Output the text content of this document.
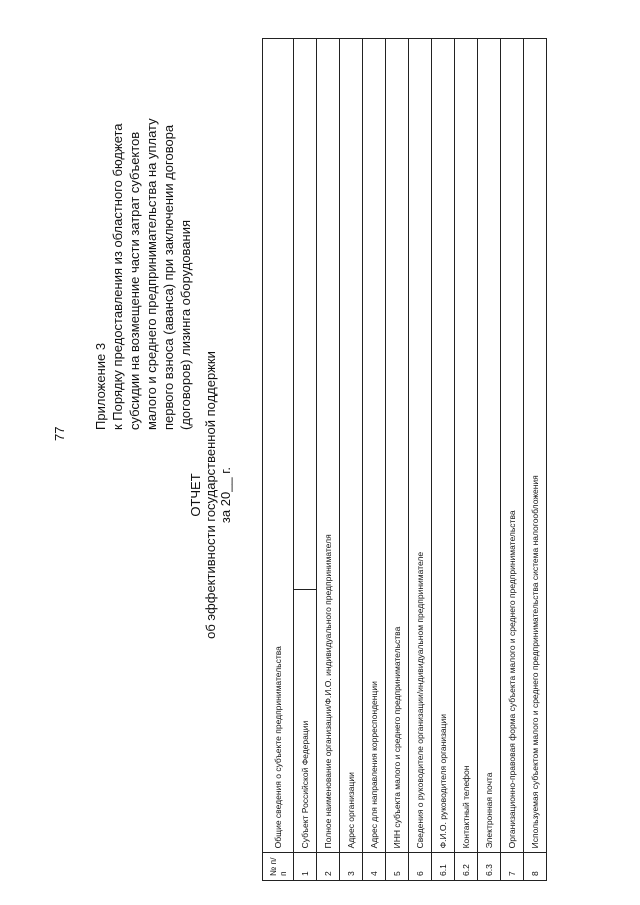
77
Приложение 3 к Порядку предоставления из областного бюджета субсидии на возмещение части затрат субъектов малого и среднего предпринимательства на уплату первого взноса (аванса) при заключении договора (договоров) лизинга оборудования
ОТЧЕТ об эффективности государственной поддержки за 20__ г.
№ п/п	Общие сведения о субъекте предпринимательства	
1	Субъект Российской Федерации	
2	Полное наименование организации/Ф.И.О. индивидуального предпринимателя	
3	Адрес организации	
4	Адрес для направления корреспонденции	
5	ИНН субъекта малого и среднего предпринимательства	
6	Сведения о руководителе организации/индивидуальном предпринимателе	
6.1	Ф.И.О. руководителя организации	
6.2	Контактный телефон	
6.3	Электронная почта	
7	Организационно-правовая форма субъекта малого и среднего предпринимательства	
8	Используемая субъектом малого и среднего предпринимательства система налогообложения	
